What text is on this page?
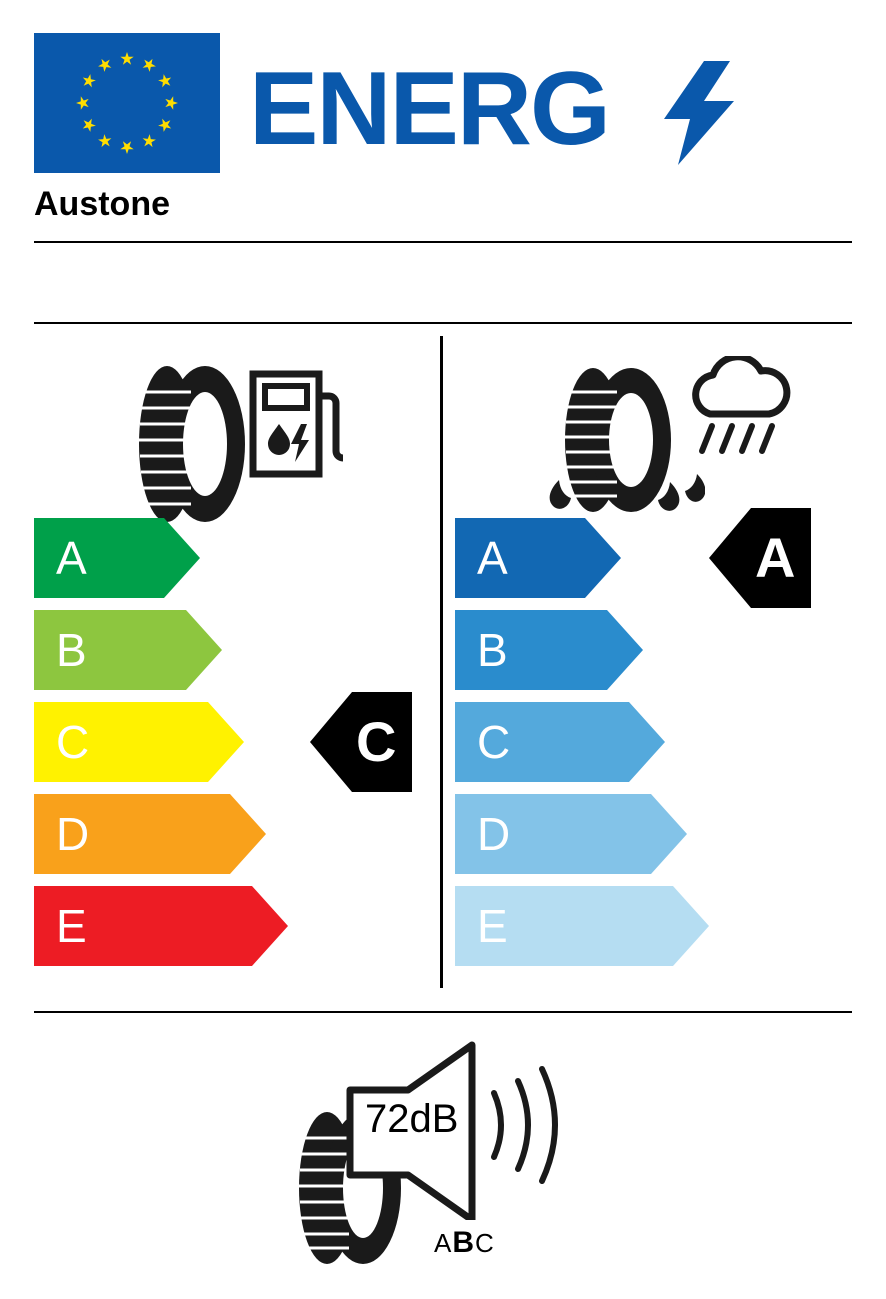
ENERG
Austone
A
B
C	C
D
E
A	A
B
C
D
E
72dB
ABC
